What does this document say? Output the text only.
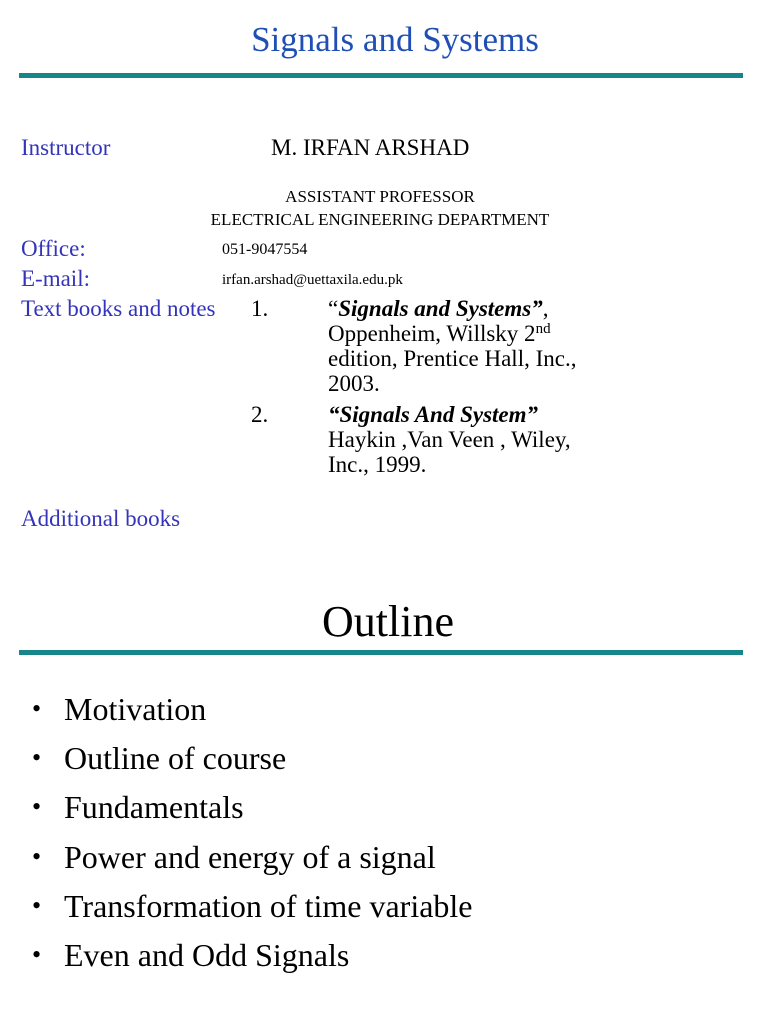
Signals and Systems
Instructor	M. IRFAN ARSHAD
ASSISTANT PROFESSOR
ELECTRICAL ENGINEERING DEPARTMENT
Office:	051-9047554
E-mail:	irfan.arshad@uettaxila.edu.pk
Text books and notes 1.	“Signals and Systems”,
Oppenheim, Willsky 2nd
edition, Prentice Hall, Inc.,
2003.
2.	“Signals And System”
Haykin ,Van Veen , Wiley,
Inc., 1999.
Additional books
Outline
• Motivation
• Outline of course
• Fundamentals
• Power and energy of a signal
• Transformation of time variable
• Even and Odd Signals
